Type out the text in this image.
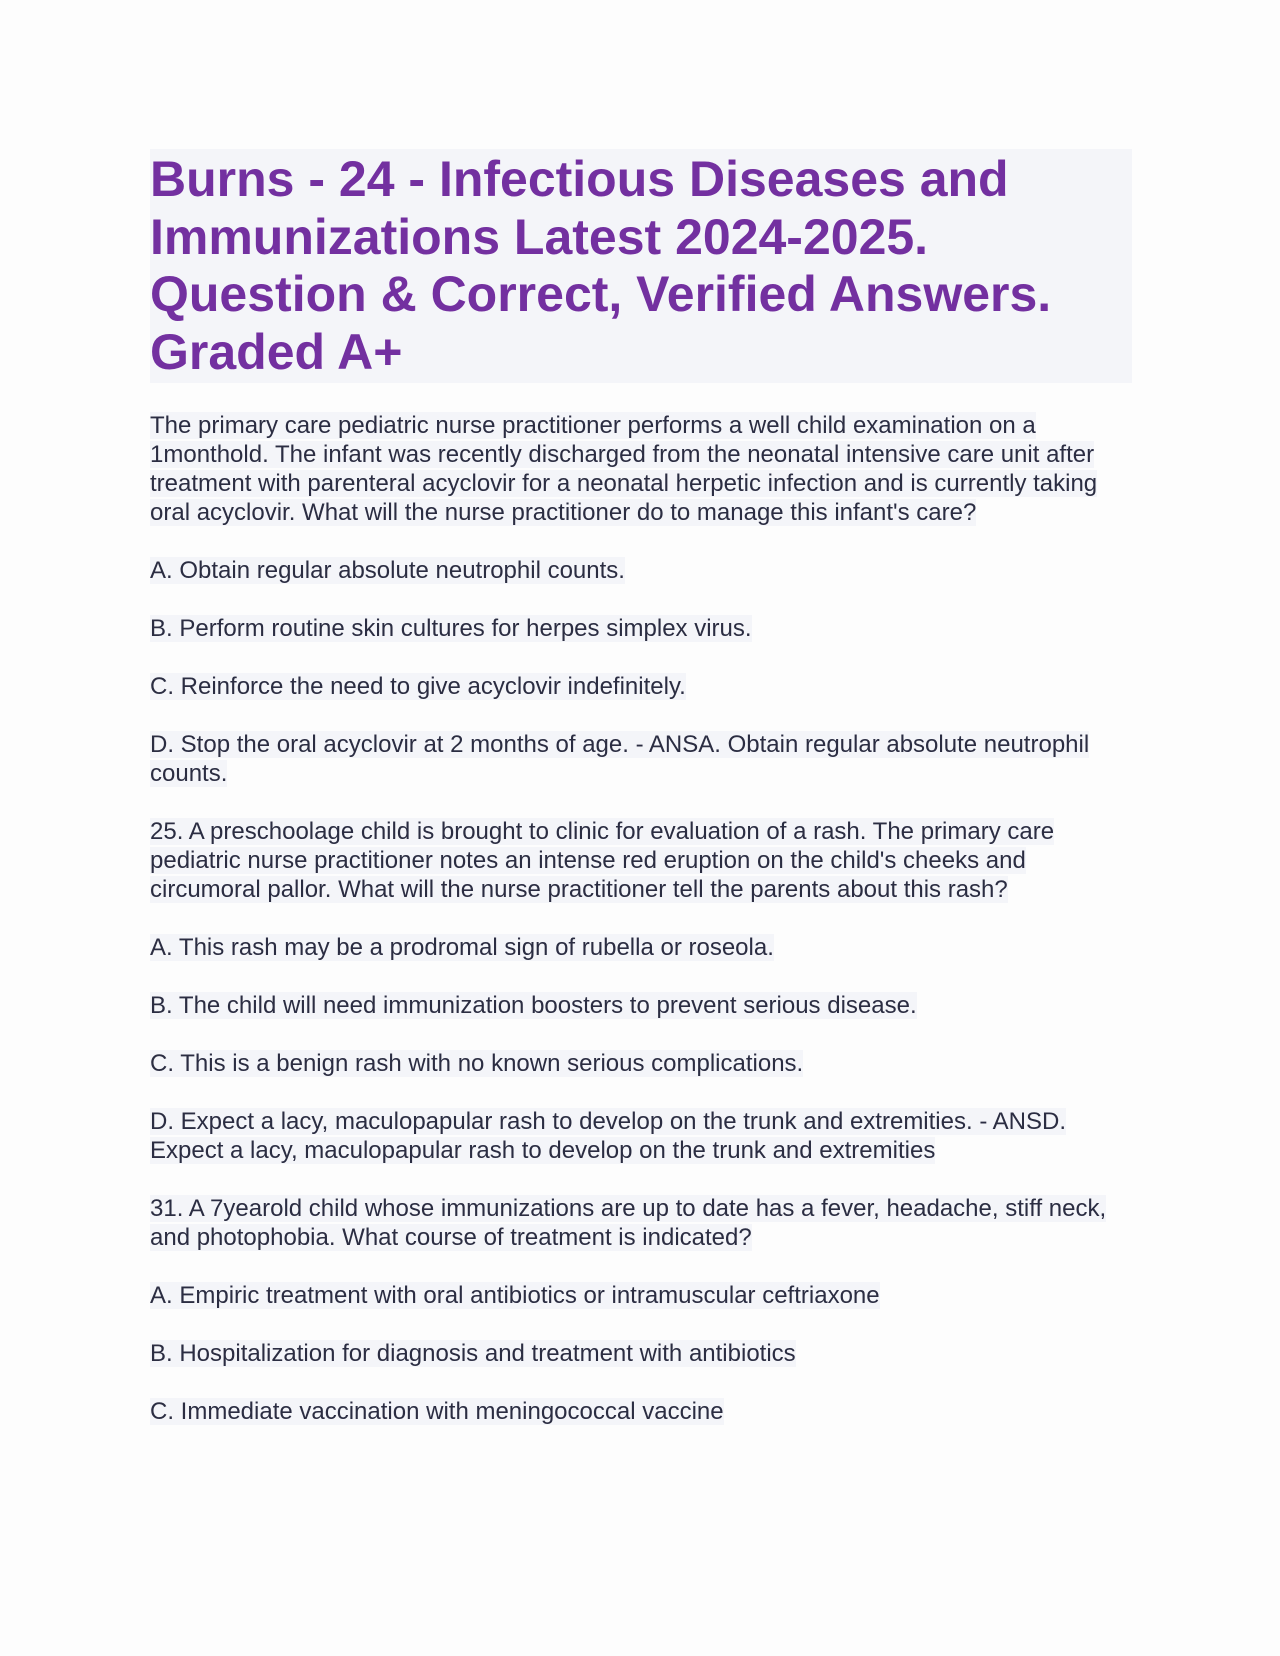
Burns - 24 - Infectious Diseases and Immunizations Latest 2024-2025. Question & Correct, Verified Answers. Graded A+

The primary care pediatric nurse practitioner performs a well child examination on a 1monthold. The infant was recently discharged from the neonatal intensive care unit after treatment with parenteral acyclovir for a neonatal herpetic infection and is currently taking oral acyclovir. What will the nurse practitioner do to manage this infant's care?

A. Obtain regular absolute neutrophil counts.

B. Perform routine skin cultures for herpes simplex virus.

C. Reinforce the need to give acyclovir indefinitely.

D. Stop the oral acyclovir at 2 months of age. - ANSA. Obtain regular absolute neutrophil counts.

25. A preschoolage child is brought to clinic for evaluation of a rash. The primary care pediatric nurse practitioner notes an intense red eruption on the child's cheeks and circumoral pallor. What will the nurse practitioner tell the parents about this rash?

A. This rash may be a prodromal sign of rubella or roseola.

B. The child will need immunization boosters to prevent serious disease.

C. This is a benign rash with no known serious complications.

D. Expect a lacy, maculopapular rash to develop on the trunk and extremities. - ANSD. Expect a lacy, maculopapular rash to develop on the trunk and extremities

31. A 7yearold child whose immunizations are up to date has a fever, headache, stiff neck, and photophobia. What course of treatment is indicated?

A. Empiric treatment with oral antibiotics or intramuscular ceftriaxone

B. Hospitalization for diagnosis and treatment with antibiotics

C. Immediate vaccination with meningococcal vaccine
